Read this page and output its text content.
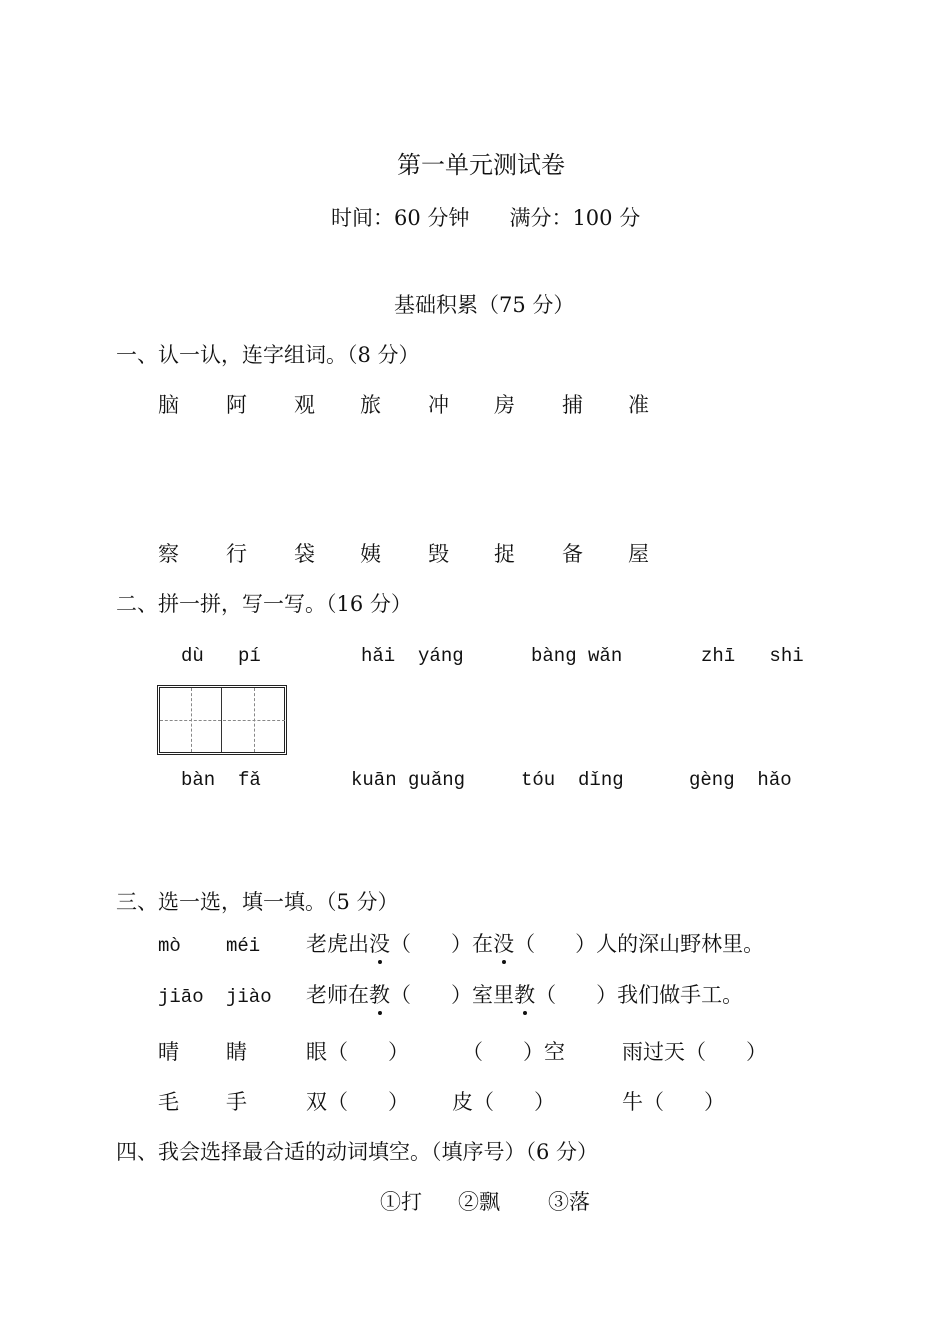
第一单元测试卷
时间：60 分钟      满分：100 分
基础积累（75 分）
一、认一认，连字组词。（8 分）
脑 阿 观 旅 冲 房 捕 准
察 行 袋 姨 毁 捉 备 屋
二、拼一拼，写一写。（16 分）
dù   pí	hǎi  yáng	bàng wǎn	zhī   shi
bàn  fǎ	kuān guǎng	tóu  dǐng	gèng  hǎo
三、选一选，填一填。（5 分）
mò méi 老虎出没（      ）在没（      ）人的深山野林里。
jiāo jiào 老师在教（      ）室里教（      ）我们做手工。
晴 睛	眼（      ）	（      ）空	雨过天（      ）
毛 手	双（      ） 皮（      ）	牛（      ）
四、我会选择最合适的动词填空。（填序号）（6 分）
①打 ②飘 ③落
